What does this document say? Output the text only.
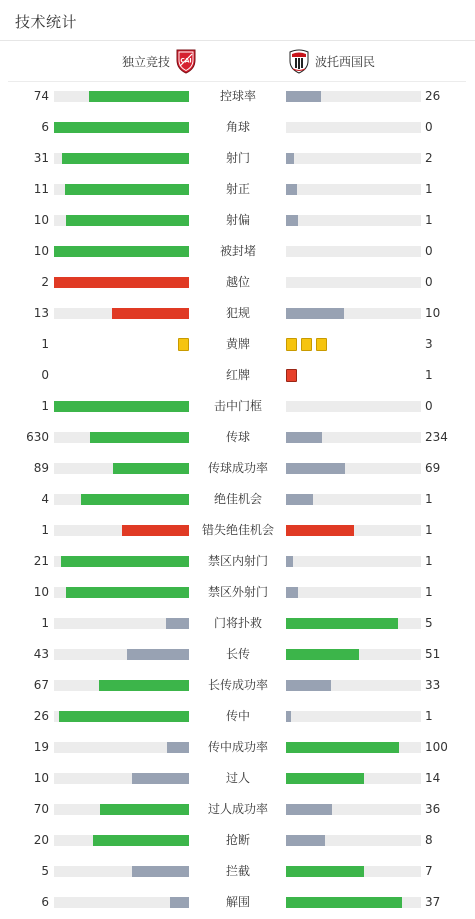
技术统计
独立竞技 CAI	波托西国民
74	控球率	26
6	角球	0
31	射门	2
11	射正	1
10	射偏	1
10	被封堵	0
2	越位	0
13	犯规	10
1	黄牌	3
0	红牌	1
1	击中门框	0
630	传球	234
89	传球成功率	69
4	绝佳机会	1
1	错失绝佳机会	1
21	禁区内射门	1
10	禁区外射门	1
1	门将扑救	5
43	长传	51
67	长传成功率	33
26	传中	1
19	传中成功率	100
10	过人	14
70	过人成功率	36
20	抢断	8
5	拦截	7
6	解围	37
